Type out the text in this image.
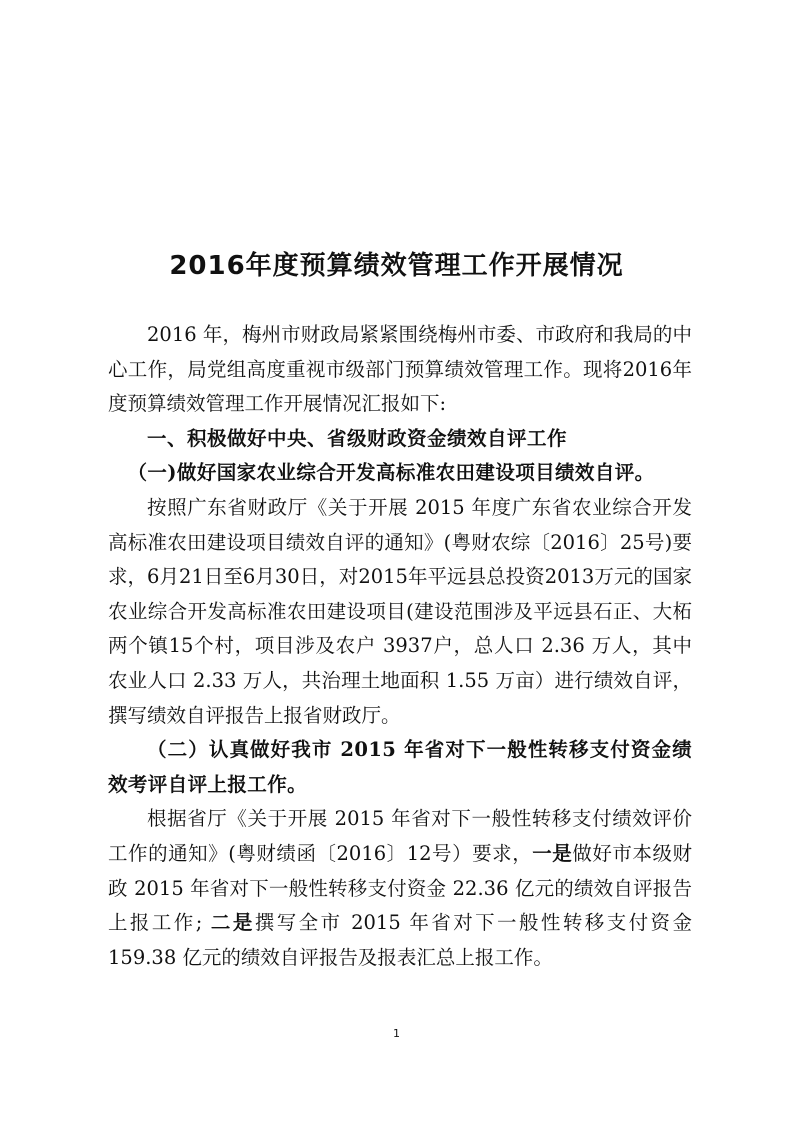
2016年度预算绩效管理工作开展情况

2016 年，梅州市财政局紧紧围绕梅州市委、市政府和我局的中心工作，局党组高度重视市级部门预算绩效管理工作。现将2016年度预算绩效管理工作开展情况汇报如下:

一、积极做好中央、省级财政资金绩效自评工作

（一)做好国家农业综合开发高标准农田建设项目绩效自评。

按照广东省财政厅《关于开展 2015 年度广东省农业综合开发高标准农田建设项目绩效自评的通知》(粤财农综〔2016〕25号)要求，6月21日至6月30日，对2015年平远县总投资2013万元的国家农业综合开发高标准农田建设项目(建设范围涉及平远县石正、大柘两个镇15个村，项目涉及农户 3937户，总人口 2.36 万人，其中农业人口 2.33 万人，共治理土地面积 1.55 万亩）进行绩效自评， 撰写绩效自评报告上报省财政厅。

（二）认真做好我市 2015 年省对下一般性转移支付资金绩效考评自评上报工作。

根据省厅《关于开展 2015 年省对下一般性转移支付绩效评价工作的通知》(粤财绩函〔2016〕12号）要求，一是做好市本级财政 2015 年省对下一般性转移支付资金 22.36 亿元的绩效自评报告上报工作; 二是撰写全市 2015 年省对下一般性转移支付资金 159.38 亿元的绩效自评报告及报表汇总上报工作。

1
